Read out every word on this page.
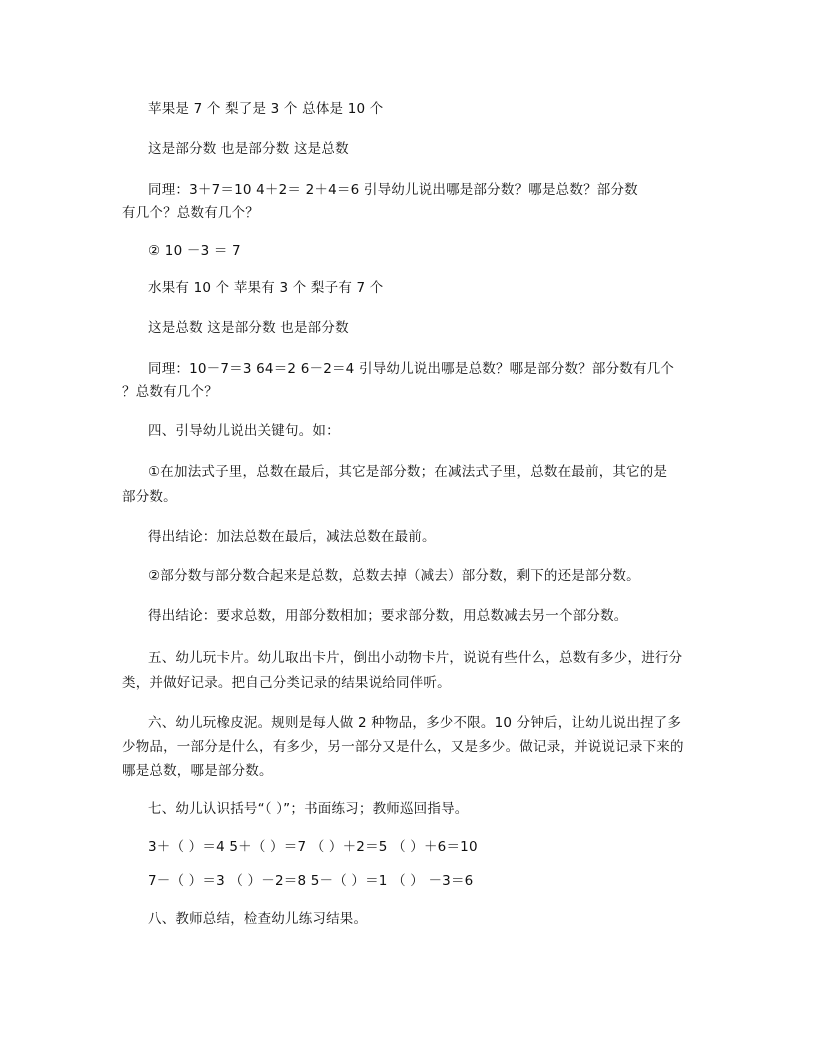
苹果是 7 个 梨了是 3 个 总体是 10 个
这是部分数 也是部分数 这是总数
同理：3＋7＝10 4＋2＝ 2＋4＝6 引导幼儿说出哪是部分数？哪是总数？部分数
有几个？总数有几个？
② 10 －3 ＝ 7
水果有 10 个 苹果有 3 个 梨子有 7 个
这是总数 这是部分数 也是部分数
同理：10－7＝3 64＝2 6－2＝4 引导幼儿说出哪是总数？哪是部分数？部分数有几个
？总数有几个？
四、引导幼儿说出关键句。如：
①在加法式子里，总数在最后，其它是部分数；在减法式子里，总数在最前，其它的是
部分数。
得出结论：加法总数在最后，减法总数在最前。
②部分数与部分数合起来是总数，总数去掉（减去）部分数，剩下的还是部分数。
得出结论：要求总数，用部分数相加；要求部分数，用总数减去另一个部分数。
五、幼儿玩卡片。幼儿取出卡片，倒出小动物卡片，说说有些什么，总数有多少，进行分
类，并做好记录。把自己分类记录的结果说给同伴听。
六、幼儿玩橡皮泥。规则是每人做 2 种物品，多少不限。10 分钟后，让幼儿说出捏了多
少物品，一部分是什么，有多少，另一部分又是什么，又是多少。做记录，并说说记录下来的
哪是总数，哪是部分数。
七、幼儿认识括号“（ ）”；书面练习；教师巡回指导。
3＋（ ）＝4 5＋（ ）＝7 （ ）＋2＝5 （ ）＋6＝10
7－（ ）＝3 （ ）－2＝8 5－（ ）＝1 （ ） －3＝6
八、教师总结，检查幼儿练习结果。
